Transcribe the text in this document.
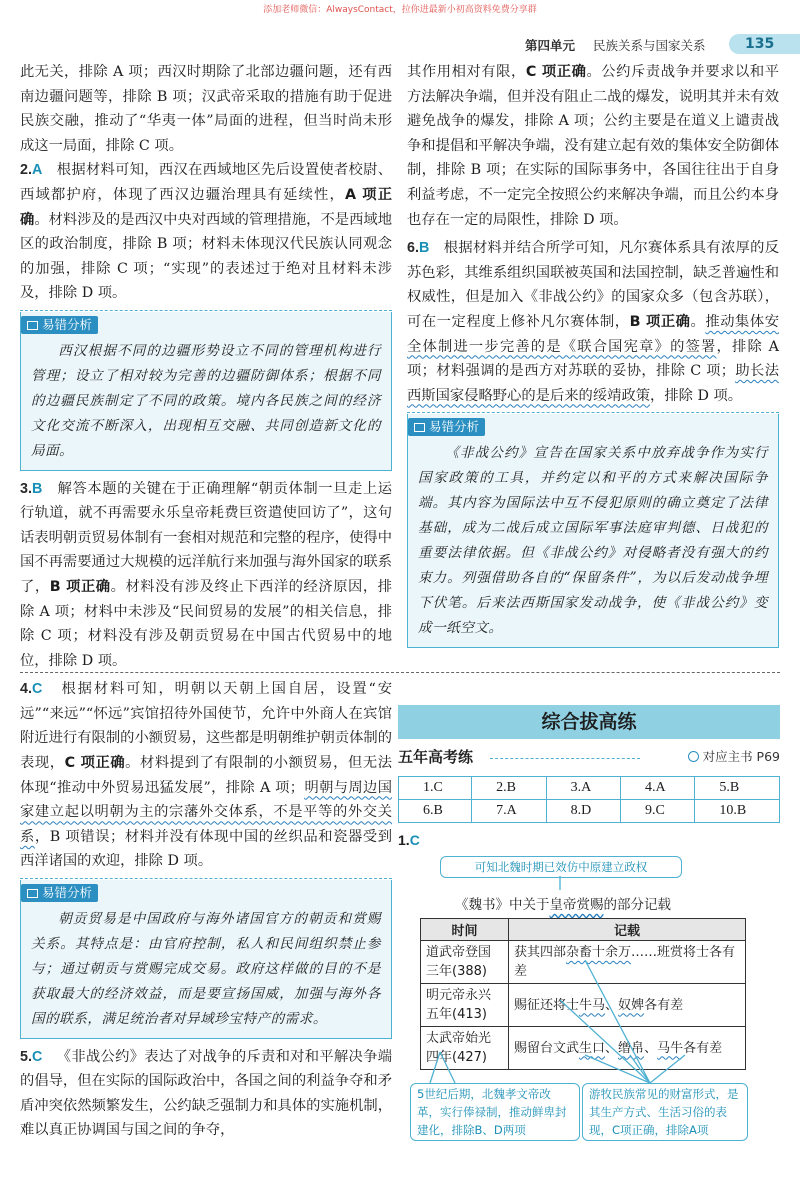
添加老师微信：AlwaysContact，拉你进最新小初高资料免费分享群
第四单元 民族关系与国家关系	135

此无关，排除 A 项；西汉时期除了北部边疆问题，还有西南边疆问题等，排除 B 项；汉武帝采取的措施有助于促进民族交融，推动了“华夷一体”局面的进程，但当时尚未形成这一局面，排除 C 项。

2.A 根据材料可知，西汉在西域地区先后设置使者校尉、西域都护府，体现了西汉边疆治理具有延续性，A 项正确。材料涉及的是西汉中央对西域的管理措施，不是西域地区的政治制度，排除 B 项；材料未体现汉代民族认同观念的加强，排除 C 项；“实现”的表述过于绝对且材料未涉及，排除 D 项。

易错分析

西汉根据不同的边疆形势设立不同的管理机构进行管理；设立了相对较为完善的边疆防御体系；根据不同的边疆民族制定了不同的政策。境内各民族之间的经济文化交流不断深入，出现相互交融、共同创造新文化的局面。

3.B 解答本题的关键在于正确理解“朝贡体制一旦走上运行轨道，就不再需要永乐皇帝耗费巨资遣使回访了”，这句话表明朝贡贸易体制有一套相对规范和完整的程序，使得中国不再需要通过大规模的远洋航行来加强与海外国家的联系了，B 项正确。材料没有涉及终止下西洋的经济原因，排除 A 项；材料中未涉及“民间贸易的发展”的相关信息，排除 C 项；材料没有涉及朝贡贸易在中国古代贸易中的地位，排除 D 项。

4.C 根据材料可知，明朝以天朝上国自居，设置“安远”“来远”“怀远”宾馆招待外国使节，允许中外商人在宾馆附近进行有限制的小额贸易，这些都是明朝维护朝贡体制的表现，C 项正确。材料提到了有限制的小额贸易，但无法体现“推动中外贸易迅猛发展”，排除 A 项；明朝与周边国家建立起以明朝为主的宗藩外交体系，不是平等的外交关系，B 项错误；材料并没有体现中国的丝织品和瓷器受到西洋诸国的欢迎，排除 D 项。

易错分析

朝贡贸易是中国政府与海外诸国官方的朝贡和赏赐关系。其特点是：由官府控制，私人和民间组织禁止参与；通过朝贡与赏赐完成交易。政府这样做的目的不是获取最大的经济效益，而是要宣扬国威，加强与海外各国的联系，满足统治者对异域珍宝特产的需求。

5.C 《非战公约》表达了对战争的斥责和对和平解决争端的倡导，但在实际的国际政治中，各国之间的利益争夺和矛盾冲突依然频繁发生，公约缺乏强制力和具体的实施机制，难以真正协调国与国之间的争夺，

其作用相对有限，C 项正确。公约斥责战争并要求以和平方法解决争端，但并没有阻止二战的爆发，说明其并未有效避免战争的爆发，排除 A 项；公约主要是在道义上谴责战争和提倡和平解决争端，没有建立起有效的集体安全防御体制，排除 B 项；在实际的国际事务中，各国往往出于自身利益考虑，不一定完全按照公约来解决争端，而且公约本身也存在一定的局限性，排除 D 项。

6.B 根据材料并结合所学可知，凡尔赛体系具有浓厚的反苏色彩，其维系组织国联被英国和法国控制，缺乏普遍性和权威性，但是加入《非战公约》的国家众多（包含苏联），可在一定程度上修补凡尔赛体制，B 项正确。推动集体安全体制进一步完善的是《联合国宪章》的签署，排除 A 项；材料强调的是西方对苏联的妥协，排除 C 项；助长法西斯国家侵略野心的是后来的绥靖政策，排除 D 项。

易错分析

《非战公约》宣告在国家关系中放弃战争作为实行国家政策的工具，并约定以和平的方式来解决国际争端。其内容为国际法中互不侵犯原则的确立奠定了法律基础，成为二战后成立国际军事法庭审判德、日战犯的重要法律依据。但《非战公约》对侵略者没有强大的约束力。列强借助各自的“保留条件”，为以后发动战争埋下伏笔。后来法西斯国家发动战争，使《非战公约》变成一纸空文。

综合拔高练
五年高考练	对应主书 P69
1.C	2.B	3.A	4.A	5.B
6.B	7.A	8.D	9.C	10.B
1.C
可知北魏时期已效仿中原建立政权
《魏书》中关于皇帝赏赐的部分记载
时间	记载
道武帝登国三年(388)	获其四部杂畜十余万……班赏将士各有差
明元帝永兴五年(413)	赐征还将士牛马、奴婢各有差
太武帝始光四年(427)	赐留台文武生口、缯帛、马牛各有差
5世纪后期，北魏孝文帝改革，实行俸禄制，推动鲜卑封建化，排除B、D两项
游牧民族常见的财富形式，是其生产方式、生活习俗的表现，C项正确，排除A项
